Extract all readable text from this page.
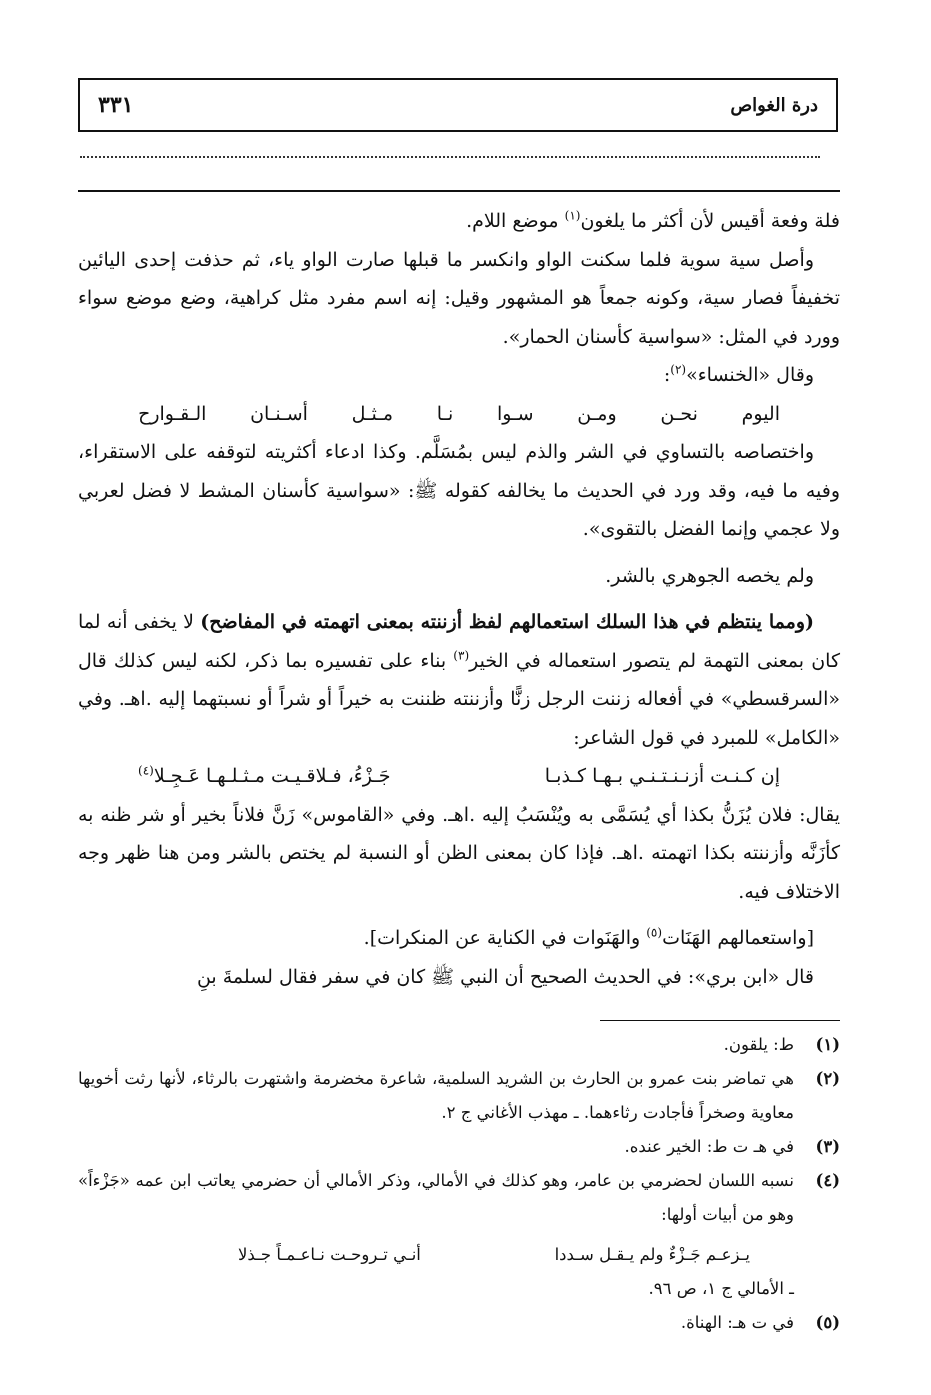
٣٣١	درة الغواص

فلة وفعة أقيس لأن أكثر ما يلغون$^{(١)}$ موضع اللام.

وأصل سية سوية فلما سكنت الواو وانكسر ما قبلها صارت الواو ياء، ثم حذفت إحدى اليائين تخفيفاً فصار سية، وكونه جمعاً هو المشهور وقيل: إنه اسم مفرد مثل كراهية، وضع موضع سواء وورد في المثل: «سواسية كأسنان الحمار».

وقال «الخنساء»$^{(٢)}$:

اليوم
نحـن
ومـن
سـوا
نـا
مـثـل
أسـنـان
الـقـوارح

واختصاصه بالتساوي في الشر والذم ليس بمُسَلَّم. وكذا ادعاء أكثريته لتوقفه على الاستقراء، وفيه ما فيه، وقد ورد في الحديث ما يخالفه كقوله ﷺ: «سواسية كأسنان المشط لا فضل لعربي ولا عجمي وإنما الفضل بالتقوى».

ولم يخصه الجوهري بالشر.

(ومما ينتظم في هذا السلك استعمالهم لفظ أزننته بمعنى اتهمته في المفاضح) لا يخفى أنه لما كان بمعنى التهمة لم يتصور استعماله في الخير$^{(٣)}$ بناء على تفسيره بما ذكر، لكنه ليس كذلك قال «السرقسطي» في أفعاله زننت الرجل زنًّا وأزننته ظننت به خيراً أو شراً أو نسبتهما إليه .اهـ. وفي «الكامل» للمبرد في قول الشاعر:

إن كـنـت أزنـنـتـنـي بـهـا كـذبـا
جَـزْءُ، فـلاقـيـت مـثـلـهـا عَـجِـلا$^{(٤)}$

يقال: فلان يُزَنُّ بكذا أي يُسَمَّى به ويُنْسَبُ إليه .اهـ. وفي «القاموس» زَنَّ فلاناً بخير أو شر ظنه به كأزَنَّه وأزننته بكذا اتهمته .اهـ. فإذا كان بمعنى الظن أو النسبة لم يختص بالشر ومن هنا ظهر وجه الاختلاف فيه.

[واستعمالهم الهَنَات$^{(٥)}$ والهَنَوات في الكناية عن المنكرات].

قال «ابن بري»: في الحديث الصحيح أن النبي ﷺ كان في سفر فقال لسلمةَ بنِ

(١)
ط: يلقون.
(٢)
هي تماضر بنت عمرو بن الحارث بن الشريد السلمية، شاعرة مخضرمة واشتهرت بالرثاء، لأنها رثت أخويها معاوية وصخراً فأجادت رثاءهما. ـ مهذب الأغاني ج ٢.
(٣)
في هـ ت ط: الخير عنده.
(٤)
نسبه اللسان لحضرمي بن عامر، وهو كذلك في الأمالي، وذكر الأمالي أن حضرمي يعاتب ابن عمه «جَزْءاً» وهو من أبيات أولها:
يـزعـم جَـزْءٌ ولم يـقـل سـددا
أنـي تـروحـت نـاعـمـاً جـذلا
ـ الأمالي ج ١، ص ٩٦.
(٥)
في ت هـ: الهناة.
